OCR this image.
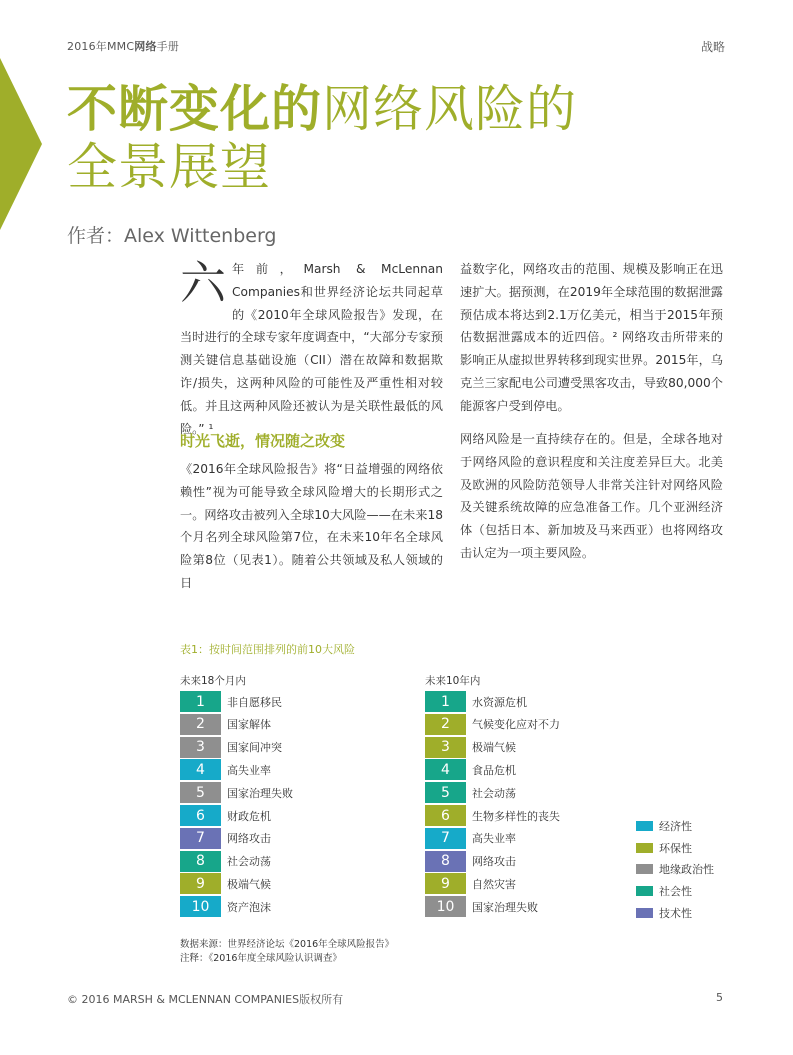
2016年MMC网络手册	战略
不断变化的网络风险的
全景展望
作者：Alex Wittenberg
六年前，Marsh & McLennan Companies和世界经济论坛共同起草的《2010年全球风险报告》发现，在当时进行的全球专家年度调查中，“大部分专家预测关键信息基础设施（CII）潜在故障和数据欺诈/损失，这两种风险的可能性及严重性相对较低。并且这两种风险还被认为是关联性最低的风险。” ¹
时光飞逝，情况随之改变
《2016年全球风险报告》将“日益增强的网络依赖性”视为可能导致全球风险增大的长期形式之一。网络攻击被列入全球10大风险——在未来18个月名列全球风险第7位，在未来10年名全球风险第8位（见表1）。随着公共领域及私人领域的日
益数字化，网络攻击的范围、规模及影响正在迅速扩大。据预测，在2019年全球范围的数据泄露预估成本将达到2.1万亿美元，相当于2015年预估数据泄露成本的近四倍。² 网络攻击所带来的影响正从虚拟世界转移到现实世界。2015年，乌克兰三家配电公司遭受黑客攻击，导致80,000个能源客户受到停电。
网络风险是一直持续存在的。但是，全球各地对于网络风险的意识程度和关注度差异巨大。北美及欧洲的风险防范领导人非常关注针对网络风险及关键系统故障的应急准备工作。几个亚洲经济体（包括日本、新加坡及马来西亚）也将网络攻击认定为一项主要风险。
表1：按时间范围排列的前10大风险
未来18个月内	未来10年内
1	非自愿移民
2	国家解体
3	国家间冲突
4	高失业率
5	国家治理失败
6	财政危机
7	网络攻击
8	社会动荡
9	极端气候
10	资产泡沫
1	水资源危机
2	气候变化应对不力
3	极端气候
4	食品危机
5	社会动荡
6	生物多样性的丧失
7	高失业率
8	网络攻击
9	自然灾害
10	国家治理失败
经济性
环保性
地缘政治性
社会性
技术性
数据来源：世界经济论坛《2016年全球风险报告》
注释：《2016年度全球风险认识调查》
© 2016 MARSH & MCLENNAN COMPANIES版权所有	5
